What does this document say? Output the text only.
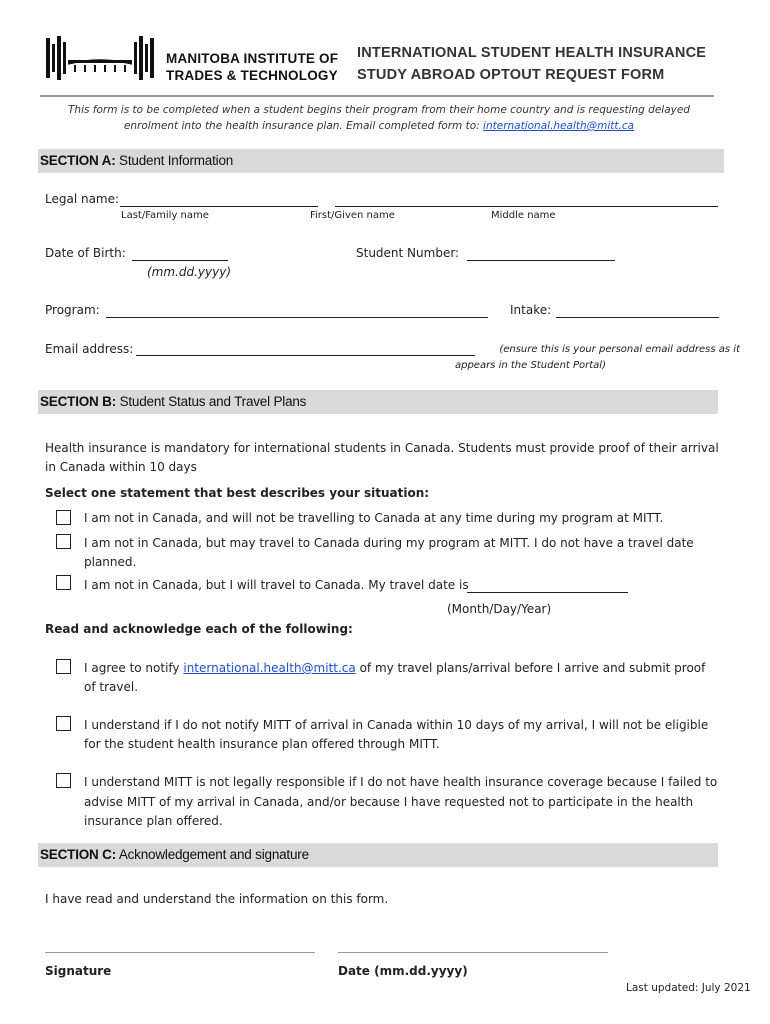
MANITOBA INSTITUTE OF
TRADES & TECHNOLOGY
INTERNATIONAL STUDENT HEALTH INSURANCE
STUDY ABROAD OPTOUT REQUEST FORM
This form is to be completed when a student begins their program from their home country and is requesting delayed
enrolment into the health insurance plan. Email completed form to: international.health@mitt.ca
SECTION A: Student Information
Legal name:
Last/Family name	First/Given name	Middle name
Date of Birth:
(mm.dd.yyyy)
Student Number:
Program:	Intake:
Email address:	(ensure this is your personal email address as it
appears in the Student Portal)
SECTION B: Student Status and Travel Plans
Health insurance is mandatory for international students in Canada. Students must provide proof of their arrival
in Canada within 10 days
Select one statement that best describes your situation:
I am not in Canada, and will not be travelling to Canada at any time during my program at MITT.
I am not in Canada, but may travel to Canada during my program at MITT. I do not have a travel date
planned.
I am not in Canada, but I will travel to Canada. My travel date is
(Month/Day/Year)
Read and acknowledge each of the following:
I agree to notify international.health@mitt.ca of my travel plans/arrival before I arrive and submit proof
of travel.
I understand if I do not notify MITT of arrival in Canada within 10 days of my arrival, I will not be eligible
for the student health insurance plan offered through MITT.
I understand MITT is not legally responsible if I do not have health insurance coverage because I failed to
advise MITT of my arrival in Canada, and/or because I have requested not to participate in the health
insurance plan offered.
SECTION C: Acknowledgement and signature
I have read and understand the information on this form.
Signature	Date (mm.dd.yyyy)
Last updated: July 2021
